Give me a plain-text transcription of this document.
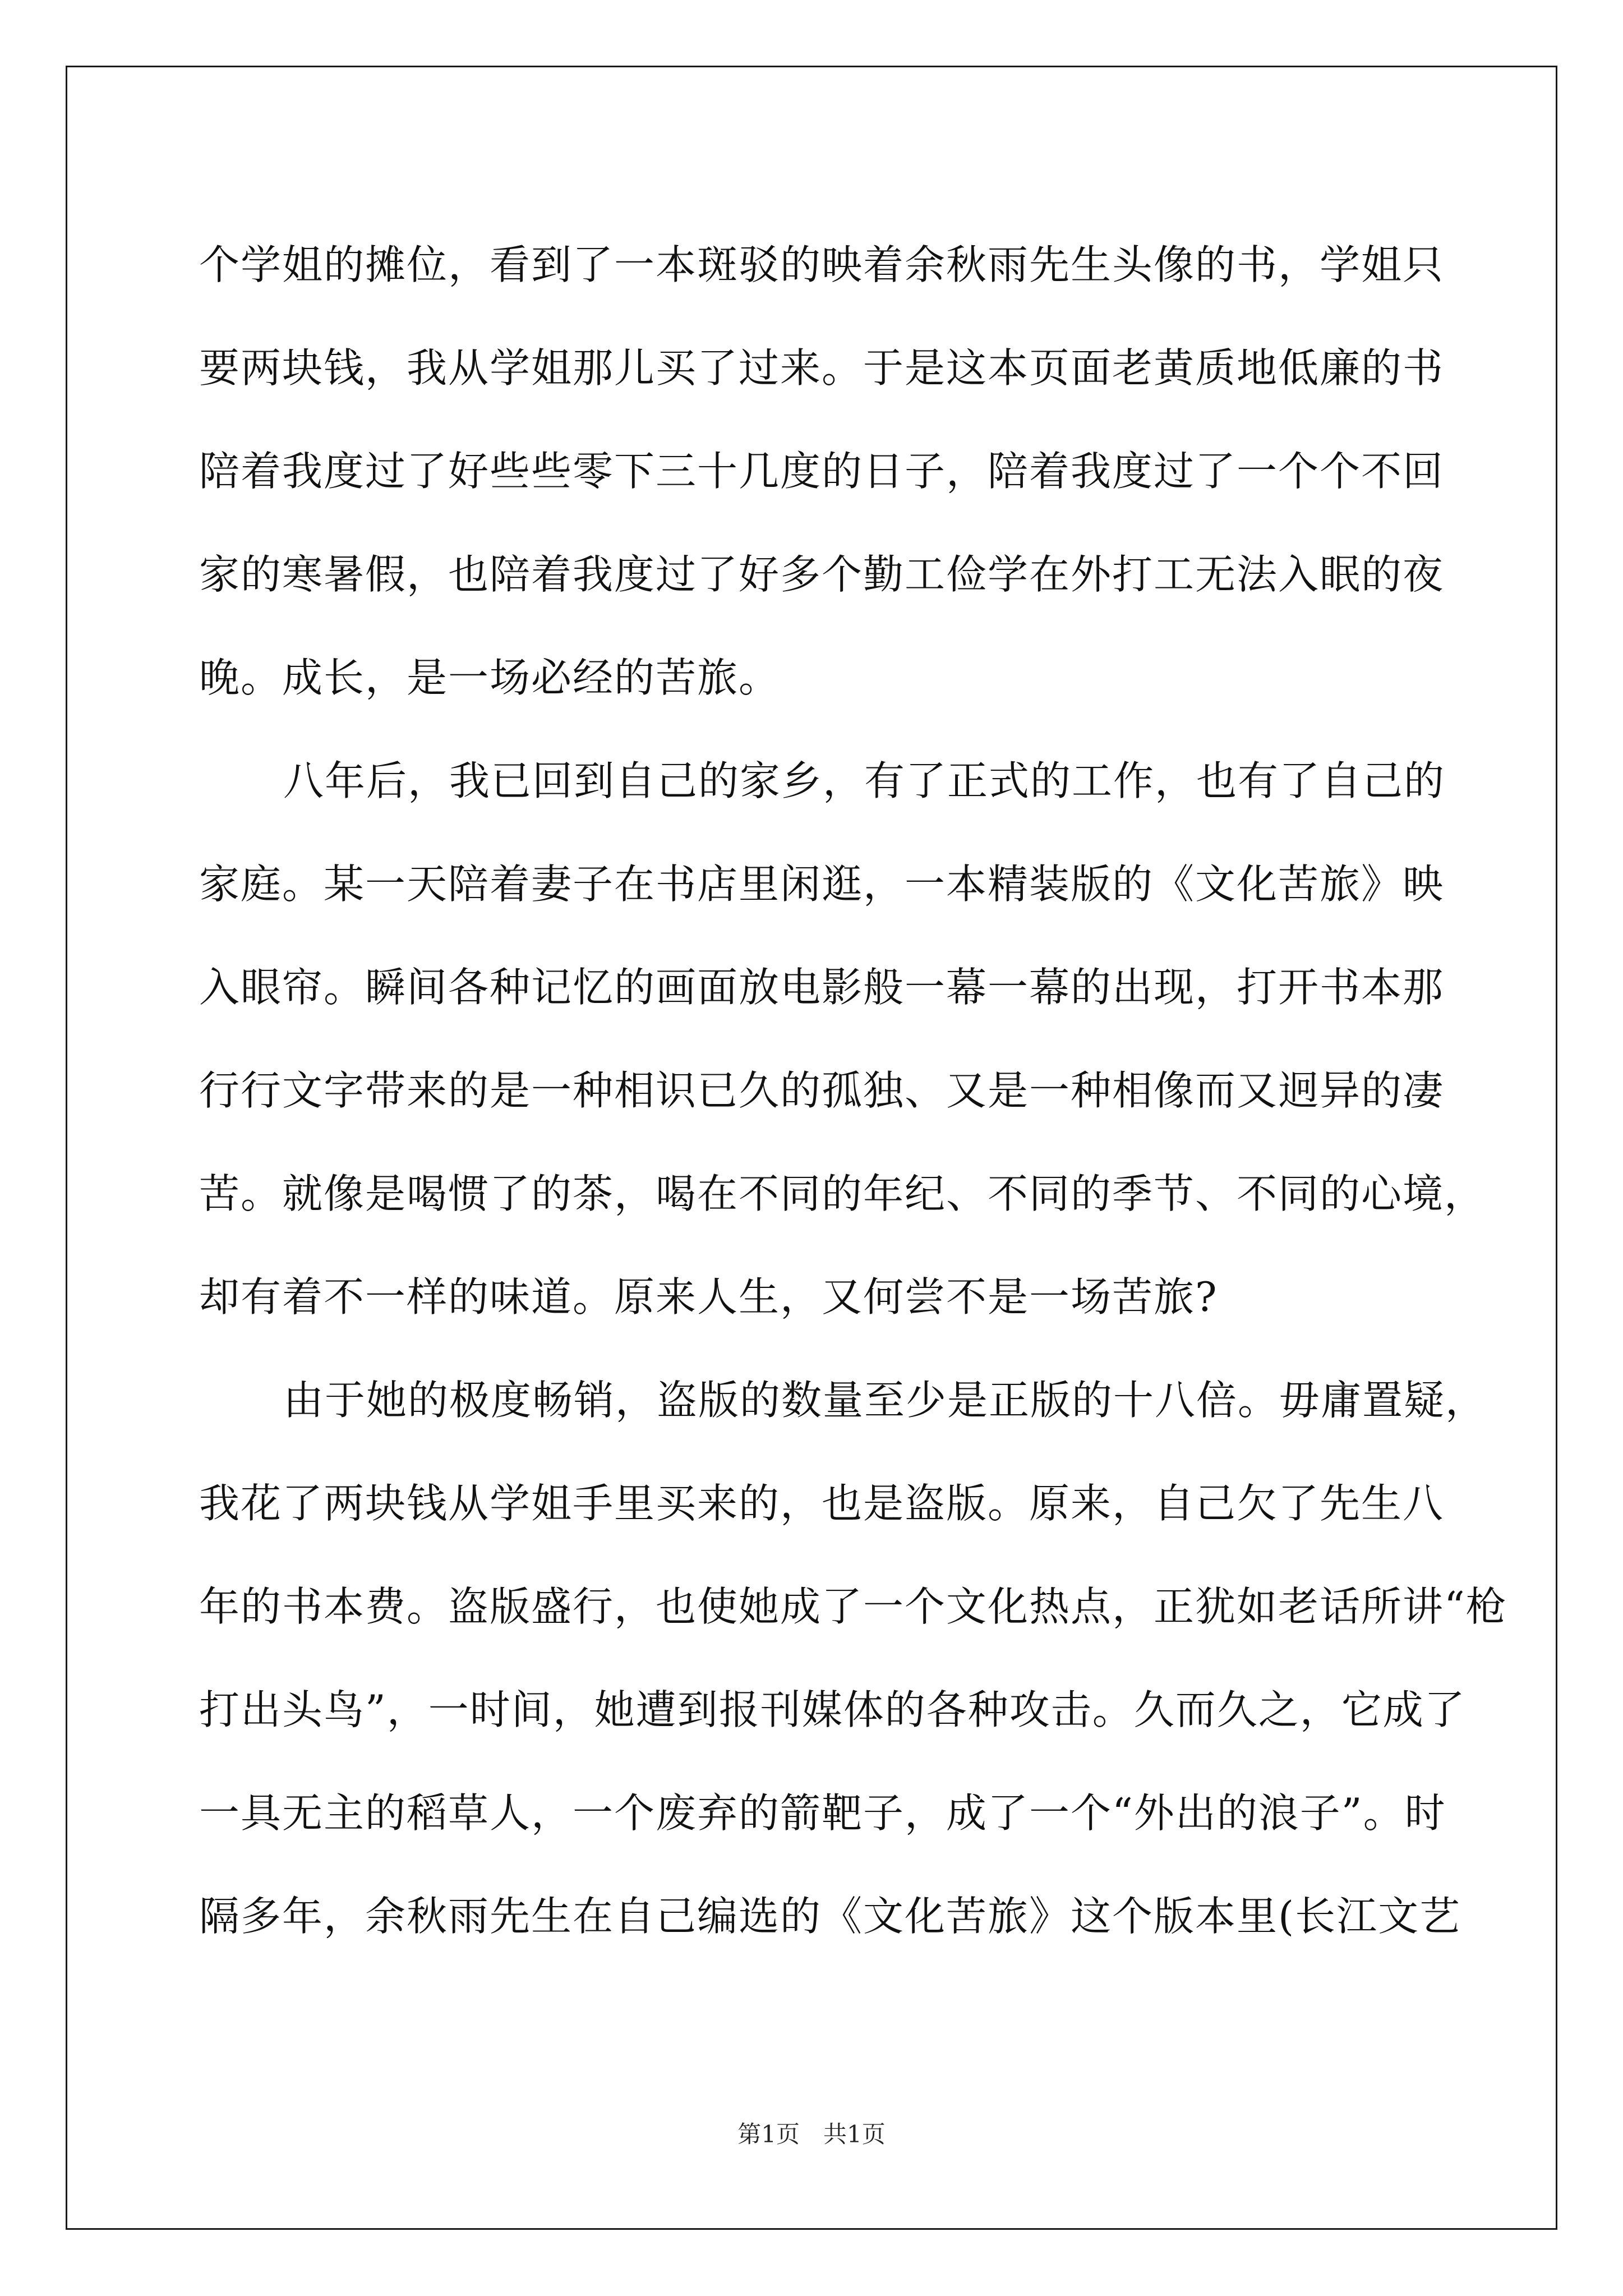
个学姐的摊位，看到了一本斑驳的映着余秋雨先生头像的书，学姐只
要两块钱，我从学姐那儿买了过来。于是这本页面老黄质地低廉的书
陪着我度过了好些些零下三十几度的日子，陪着我度过了一个个不回
家的寒暑假，也陪着我度过了好多个勤工俭学在外打工无法入眠的夜
晚。成长，是一场必经的苦旅。
八年后，我已回到自己的家乡，有了正式的工作，也有了自己的
家庭。某一天陪着妻子在书店里闲逛，一本精装版的《文化苦旅》映
入眼帘。瞬间各种记忆的画面放电影般一幕一幕的出现，打开书本那
行行文字带来的是一种相识已久的孤独、又是一种相像而又迥异的凄
苦。就像是喝惯了的茶，喝在不同的年纪、不同的季节、不同的心境，
却有着不一样的味道。原来人生，又何尝不是一场苦旅?
由于她的极度畅销，盗版的数量至少是正版的十八倍。毋庸置疑，
我花了两块钱从学姐手里买来的，也是盗版。原来，自己欠了先生八
年的书本费。盗版盛行，也使她成了一个文化热点，正犹如老话所讲“枪
打出头鸟”，一时间，她遭到报刊媒体的各种攻击。久而久之，它成了
一具无主的稻草人，一个废弃的箭靶子，成了一个“外出的浪子”。时
隔多年，余秋雨先生在自己编选的《文化苦旅》这个版本里(长江文艺
第1页　共1页
